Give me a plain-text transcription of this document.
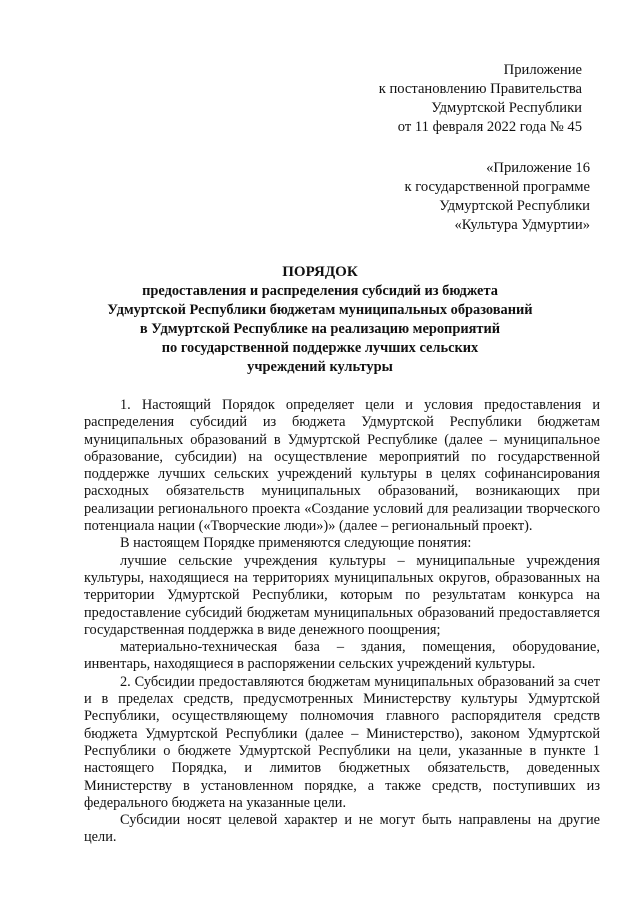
Приложение
к постановлению Правительства
Удмуртской Республики
от 11 февраля 2022 года № 45
«Приложение 16
к государственной программе
Удмуртской Республики
«Культура Удмуртии»
ПОРЯДОК
предоставления и распределения субсидий из бюджета
Удмуртской Республики бюджетам муниципальных образований
в Удмуртской Республике на реализацию мероприятий
по государственной поддержке лучших сельских
учреждений культуры

1. Настоящий Порядок определяет цели и условия предоставления и распределения субсидий из бюджета Удмуртской Республики бюджетам муниципальных образований в Удмуртской Республике (далее – муниципальное образование, субсидии) на осуществление мероприятий по государственной поддержке лучших сельских учреждений культуры в целях софинансирования расходных обязательств муниципальных образований, возникающих при реализации регионального проекта «Создание условий для реализации творческого потенциала нации («Творческие люди»)» (далее – региональный проект).

В настоящем Порядке применяются следующие понятия:

лучшие сельские учреждения культуры – муниципальные учреждения культуры, находящиеся на территориях муниципальных округов, образованных на территории Удмуртской Республики, которым по результатам конкурса на предоставление субсидий бюджетам муниципальных образований предоставляется государственная поддержка в виде денежного поощрения;

материально-техническая база – здания, помещения, оборудование, инвентарь, находящиеся в распоряжении сельских учреждений культуры.

2. Субсидии предоставляются бюджетам муниципальных образований за счет и в пределах средств, предусмотренных Министерству культуры Удмуртской Республики, осуществляющему полномочия главного распорядителя средств бюджета Удмуртской Республики (далее – Министерство), законом Удмуртской Республики о бюджете Удмуртской Республики на цели, указанные в пункте 1 настоящего Порядка, и лимитов бюджетных обязательств, доведенных Министерству в установленном порядке, а также средств, поступивших из федерального бюджета на указанные цели.

Субсидии носят целевой характер и не могут быть направлены на другие цели.
